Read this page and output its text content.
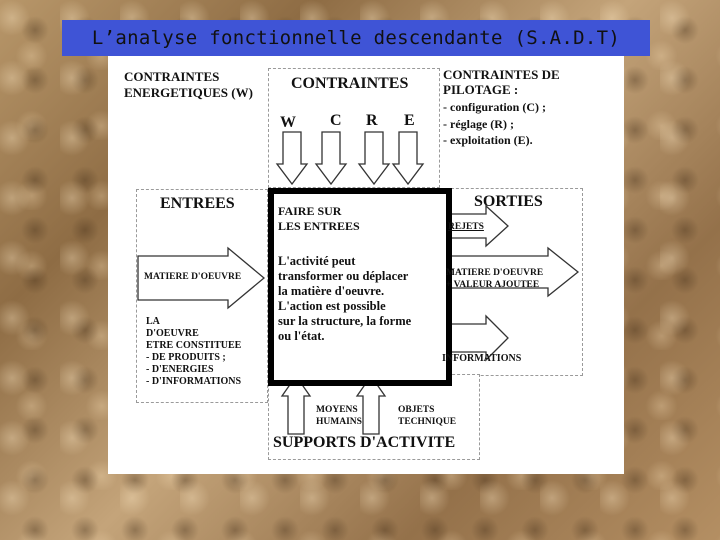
L’analyse fonctionnelle descendante (S.A.D.T)
CONTRAINTES
ENERGETIQUES (W)
CONTRAINTES
W C R E
CONTRAINTES DE
PILOTAGE :
- configuration (C) ;
- réglage (R) ;
- exploitation (E).
ENTREES
MATIERE D'OEUVRE
LA
D'OEUVRE
ETRE CONSTITUEE
- DE PRODUITS ;
- D'ENERGIES
- D'INFORMATIONS
FAIRE SUR
LES ENTREES
L'activité peut
transformer ou déplacer
la matière d'oeuvre.
L'action est possible
sur la structure, la forme
ou l'état.
SORTIES
REJETS
MATIERE D'OEUVRE
+ VALEUR AJOUTEE
INFORMATIONS
MOYENS
HUMAINS
OBJETS
TECHNIQUE
SUPPORTS D'ACTIVITE
